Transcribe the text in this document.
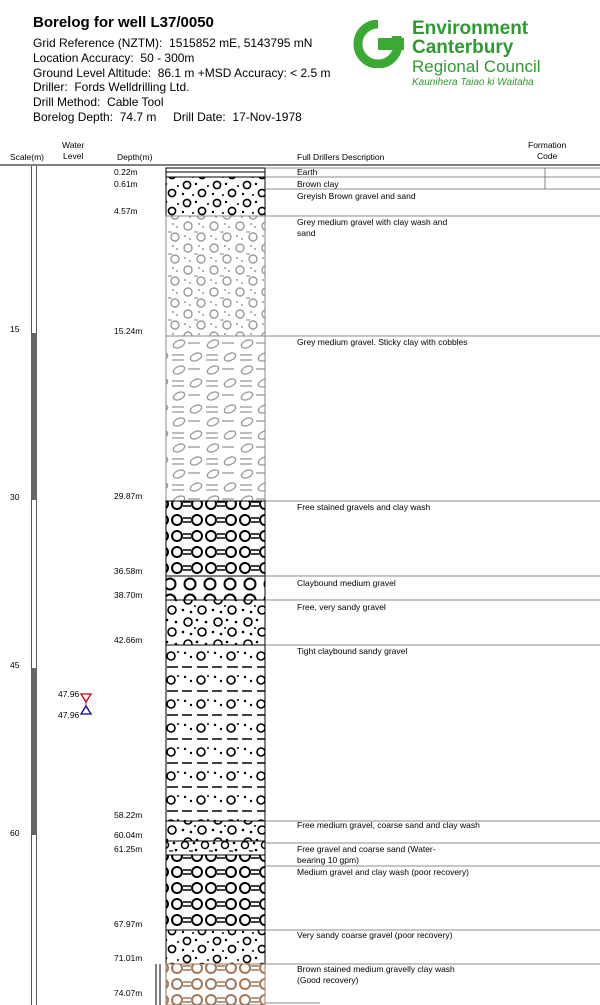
Borelog for well L37/0050
Grid Reference (NZTM):  1515852 mE, 5143795 mN
Location Accuracy:  50 - 300m
Ground Level Altitude:  86.1 m +MSD Accuracy: < 2.5 m
Driller:  Fords Welldrilling Ltd.
Drill Method:  Cable Tool
Borelog Depth:  74.7 m     Drill Date:  17-Nov-1978
Environment
Canterbury
Regional Council
Kaunihera Taiao ki Waitaha
Scale(m)
Water
Level	Depth(m)	Full Drillers Description
Formation
Code
15
30
45
60
47.96
47.96
0.22m
0.61m
4.57m
15.24m
29.87m
36.58m
38.70m
42.66m
58.22m
60.04m
61.25m
67.97m
71.01m
74.07m
Earth
Brown clay
Greyish Brown gravel and sand
Grey medium gravel with clay wash and sand
Grey medium gravel. Sticky clay with cobbles
Free stained gravels and clay wash
Claybound medium gravel
Free, very sandy gravel
Tight claybound sandy gravel
Free medium gravel, coarse sand and clay wash
Free gravel and coarse sand (Water-bearing 10 gpm)
Medium gravel and clay wash (poor recovery)
Very sandy coarse gravel (poor recovery)
Brown stained medium gravelly clay wash (Good recovery)
